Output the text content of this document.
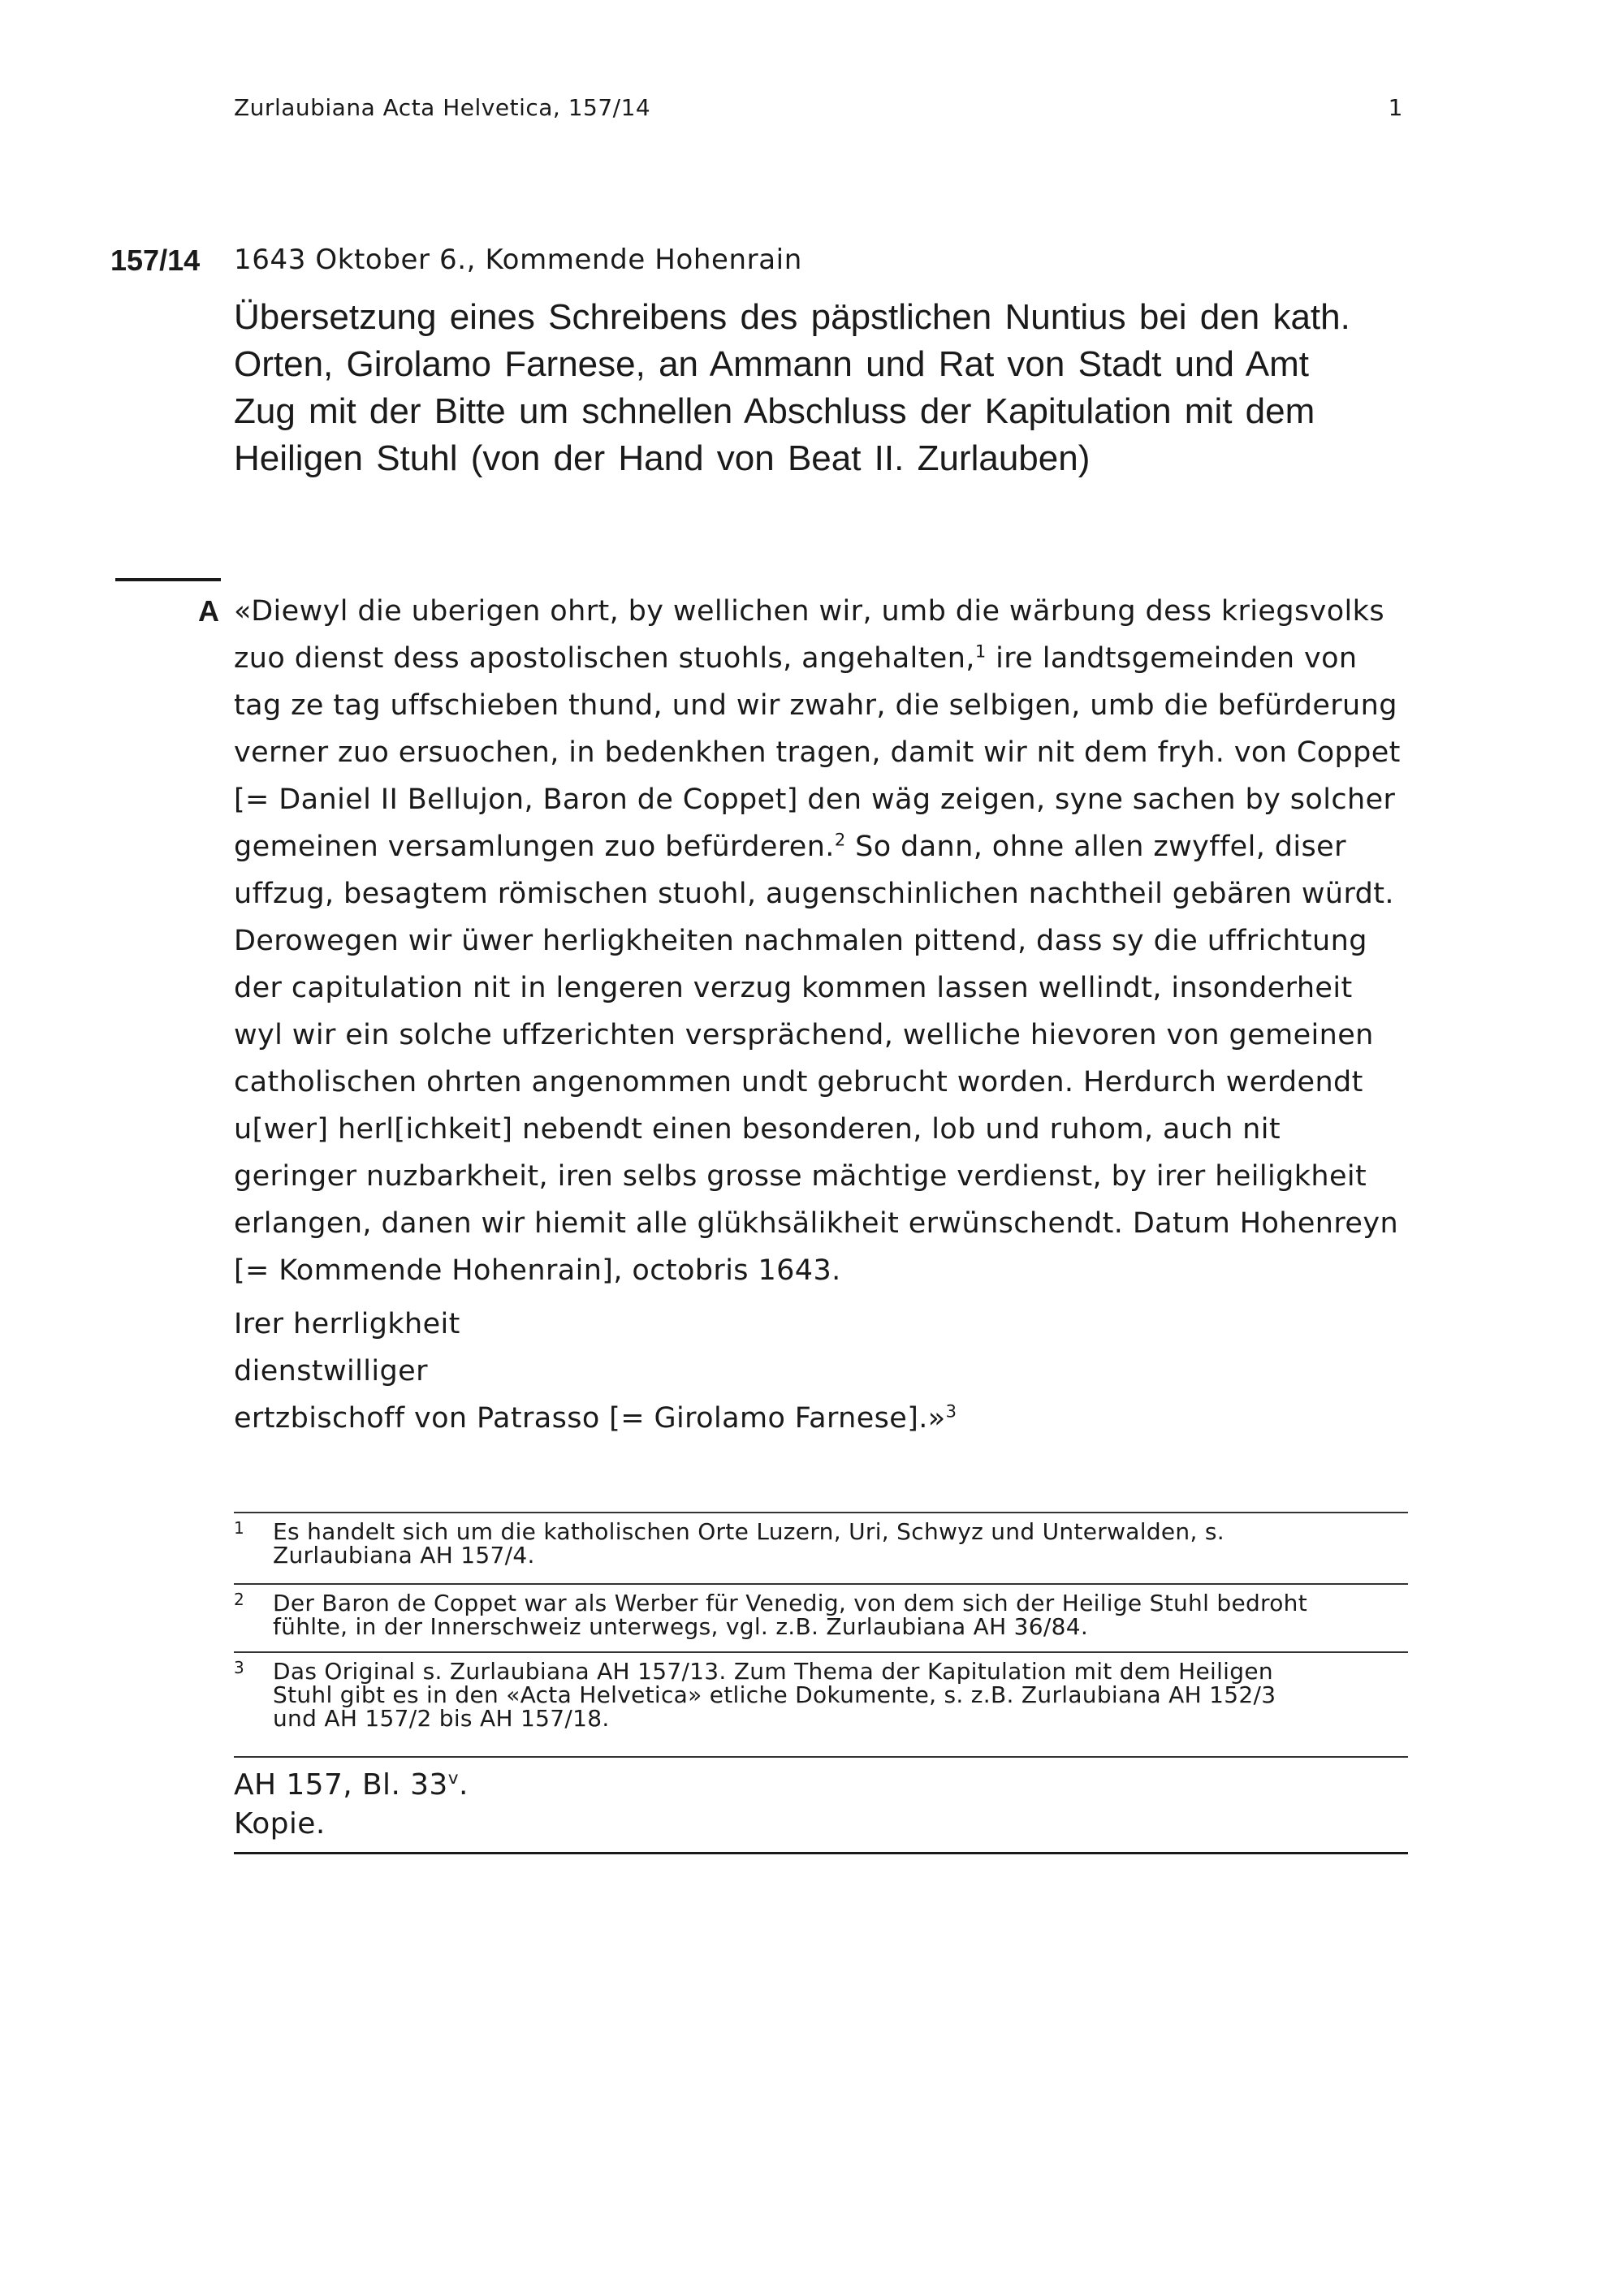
Zurlaubiana Acta Helvetica, 157/14	1
157/14 1643 Oktober 6., Kommende Hohenrain
Übersetzung eines Schreibens des päpstlichen Nuntius bei den kath. Orten, Girolamo Farnese, an Ammann und Rat von Stadt und Amt Zug mit der Bitte um schnellen Abschluss der Kapitulation mit dem Heiligen Stuhl (von der Hand von Beat II. Zurlauben)
A «Diewyl die uberigen ohrt, by wellichen wir, umb die wärbung dess kriegsvolks

zuo dienst dess apostolischen stuohls, angehalten,$^1$ ire landtsgemeinden von

tag ze tag uffschieben thund, und wir zwahr, die selbigen, umb die befürderung

verner zuo ersuochen, in bedenkhen tragen, damit wir nit dem fryh. von Coppet

[= Daniel II Bellujon, Baron de Coppet] den wäg zeigen, syne sachen by solcher

gemeinen versamlungen zuo befürderen.$^2$ So dann, ohne allen zwyffel, diser

uffzug, besagtem römischen stuohl, augenschinlichen nachtheil gebären würdt.

Derowegen wir üwer herligkheiten nachmalen pittend, dass sy die uffrichtung

der capitulation nit in lengeren verzug kommen lassen wellindt, insonderheit

wyl wir ein solche uffzerichten versprächend, welliche hievoren von gemeinen

catholischen ohrten angenommen undt gebrucht worden. Herdurch werdendt

u[wer] herl[ichkeit] nebendt einen besonderen, lob und ruhom, auch nit

geringer nuzbarkheit, iren selbs grosse mächtige verdienst, by irer heiligkheit

erlangen, danen wir hiemit alle glükhsälikheit erwünschendt. Datum Hohenreyn

[= Kommende Hohenrain], octobris 1643.

Irer herrligkheit

dienstwilliger

ertzbischoff von Patrasso [= Girolamo Farnese].»$^3$

1 Es handelt sich um die katholischen Orte Luzern, Uri, Schwyz und Unterwalden, s.

Zurlaubiana AH 157/4.

2 Der Baron de Coppet war als Werber für Venedig, von dem sich der Heilige Stuhl bedroht

fühlte, in der Innerschweiz unterwegs, vgl. z.B. Zurlaubiana AH 36/84.

3 Das Original s. Zurlaubiana AH 157/13. Zum Thema der Kapitulation mit dem Heiligen

Stuhl gibt es in den «Acta Helvetica» etliche Dokumente, s. z.B. Zurlaubiana AH 152/3

und AH 157/2 bis AH 157/18.

AH 157, Bl. 33$^v$.

Kopie.
